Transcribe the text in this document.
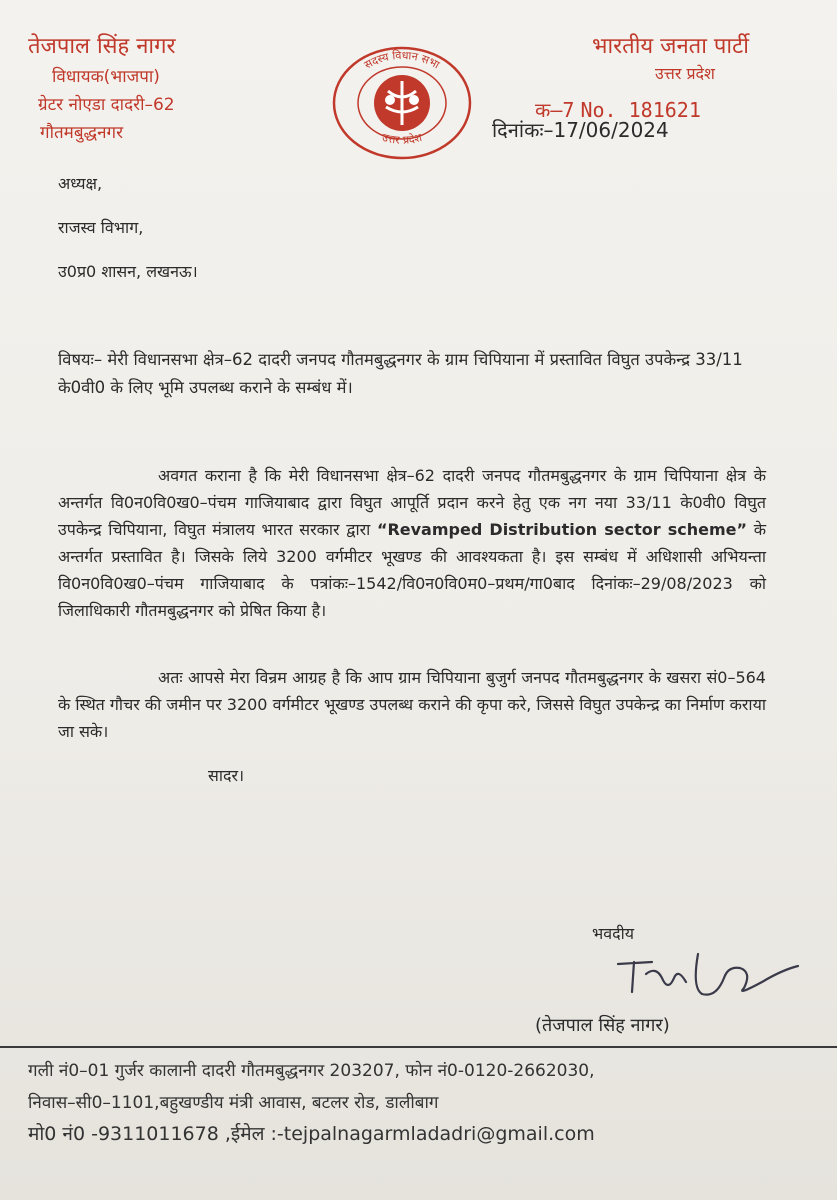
तेजपाल सिंह नागर
विधायक(भाजपा)
ग्रेटर नोएडा दादरी–62
गौतमबुद्धनगर
सदस्य विधान सभा
उत्तर प्रदेश
भारतीय जनता पार्टी
उत्तर प्रदेश
क–7 No. 181621
दिनांकः–17/06/2024
अध्यक्ष,
राजस्व विभाग,
उ0प्र0 शासन, लखनऊ।
विषयः– मेरी विधानसभा क्षेत्र–62 दादरी जनपद गौतमबुद्धनगर के ग्राम चिपियाना में प्रस्तावित विघुत उपकेन्द्र 33/11 के0वी0 के लिए भूमि उपलब्ध कराने के सम्बंध में।
अवगत कराना है कि मेरी विधानसभा क्षेत्र–62 दादरी जनपद गौतमबुद्धनगर के ग्राम चिपियाना क्षेत्र के अन्तर्गत वि0न0वि0ख0–पंचम गाजियाबाद द्वारा विघुत आपूर्ति प्रदान करने हेतु एक नग नया 33/11 के0वी0 विघुत उपकेन्द्र चिपियाना, विघुत मंत्रालय भारत सरकार द्वारा “Revamped Distribution sector scheme” के अन्तर्गत प्रस्तावित है। जिसके लिये 3200 वर्गमीटर भूखण्ड की आवश्यकता है। इस सम्बंध में अधिशासी अभियन्ता वि0न0वि0ख0–पंचम गाजियाबाद के पत्रांकः–1542/वि0न0वि0म0–प्रथम/गा0बाद दिनांकः–29/08/2023 को जिलाधिकारी गौतमबुद्धनगर को प्रेषित किया है।
अतः आपसे मेरा विन्रम आग्रह है कि आप ग्राम चिपियाना बुजुर्ग जनपद गौतमबुद्धनगर के खसरा सं0–564 के स्थित गौचर की जमीन पर 3200 वर्गमीटर भूखण्ड उपलब्ध कराने की कृपा करे, जिससे विघुत उपकेन्द्र का निर्माण कराया जा सके।
सादर।
भवदीय
(तेजपाल सिंह नागर)
गली नं0–01 गुर्जर कालानी दादरी गौतमबुद्धनगर 203207, फोन नं0-0120-2662030,
निवास–सी0–1101,बहुखण्डीय मंत्री आवास, बटलर रोड, डालीबाग
मो0 नं0 -9311011678 ,ईमेल :-tejpalnagarmladadri@gmail.com
